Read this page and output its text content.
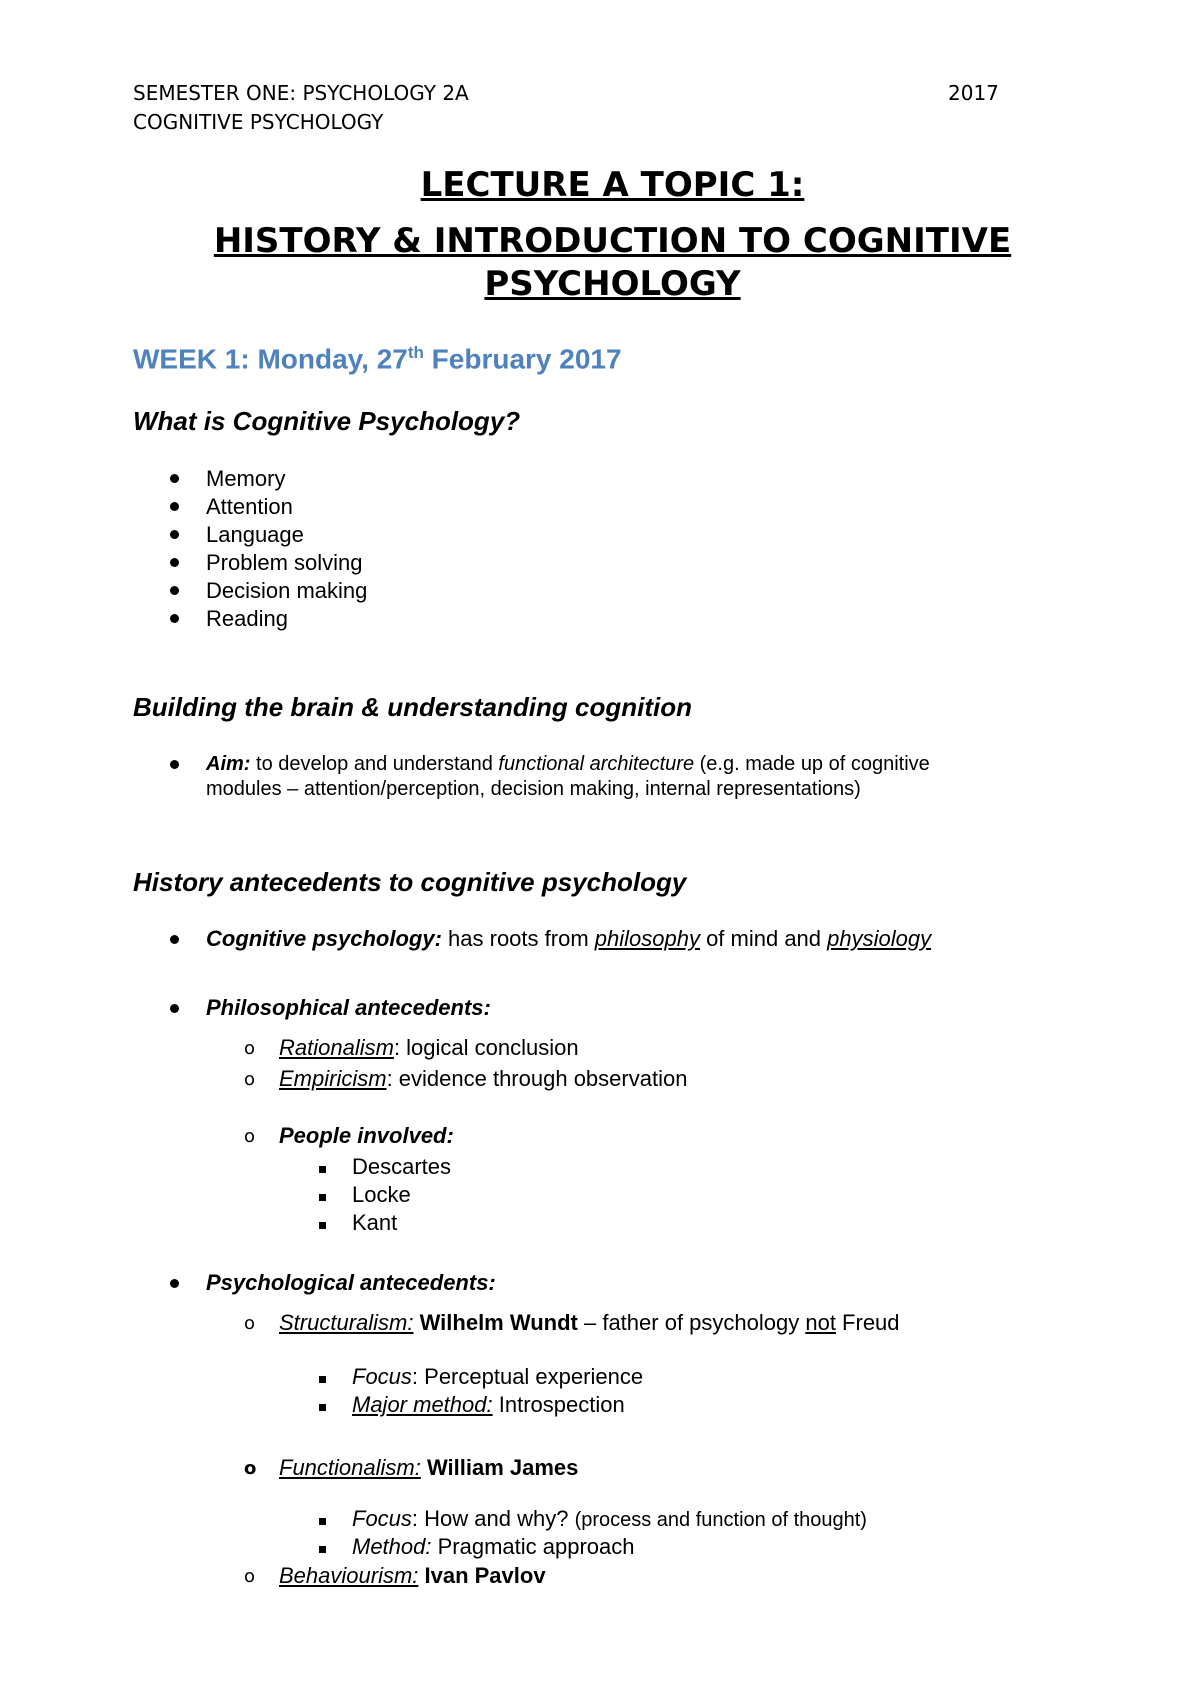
SEMESTER ONE: PSYCHOLOGY 2A	2017
COGNITIVE PSYCHOLOGY
LECTURE A TOPIC 1:
HISTORY & INTRODUCTION TO COGNITIVE PSYCHOLOGY
WEEK 1: Monday, 27th February 2017
What is Cognitive Psychology?
Memory
Attention
Language
Problem solving
Decision making
Reading
Building the brain & understanding cognition
Aim: to develop and understand functional architecture (e.g. made up of cognitive
modules – attention/perception, decision making, internal representations)
History antecedents to cognitive psychology
Cognitive psychology: has roots from philosophy of mind and physiology
Philosophical antecedents:
o Rationalism: logical conclusion
o Empiricism: evidence through observation
o People involved:
Descartes
Locke
Kant
Psychological antecedents:
o Structuralism: Wilhelm Wundt – father of psychology not Freud
Focus: Perceptual experience
Major method: Introspection
o Functionalism: William James
Focus: How and why? (process and function of thought)
Method: Pragmatic approach
o Behaviourism: Ivan Pavlov
